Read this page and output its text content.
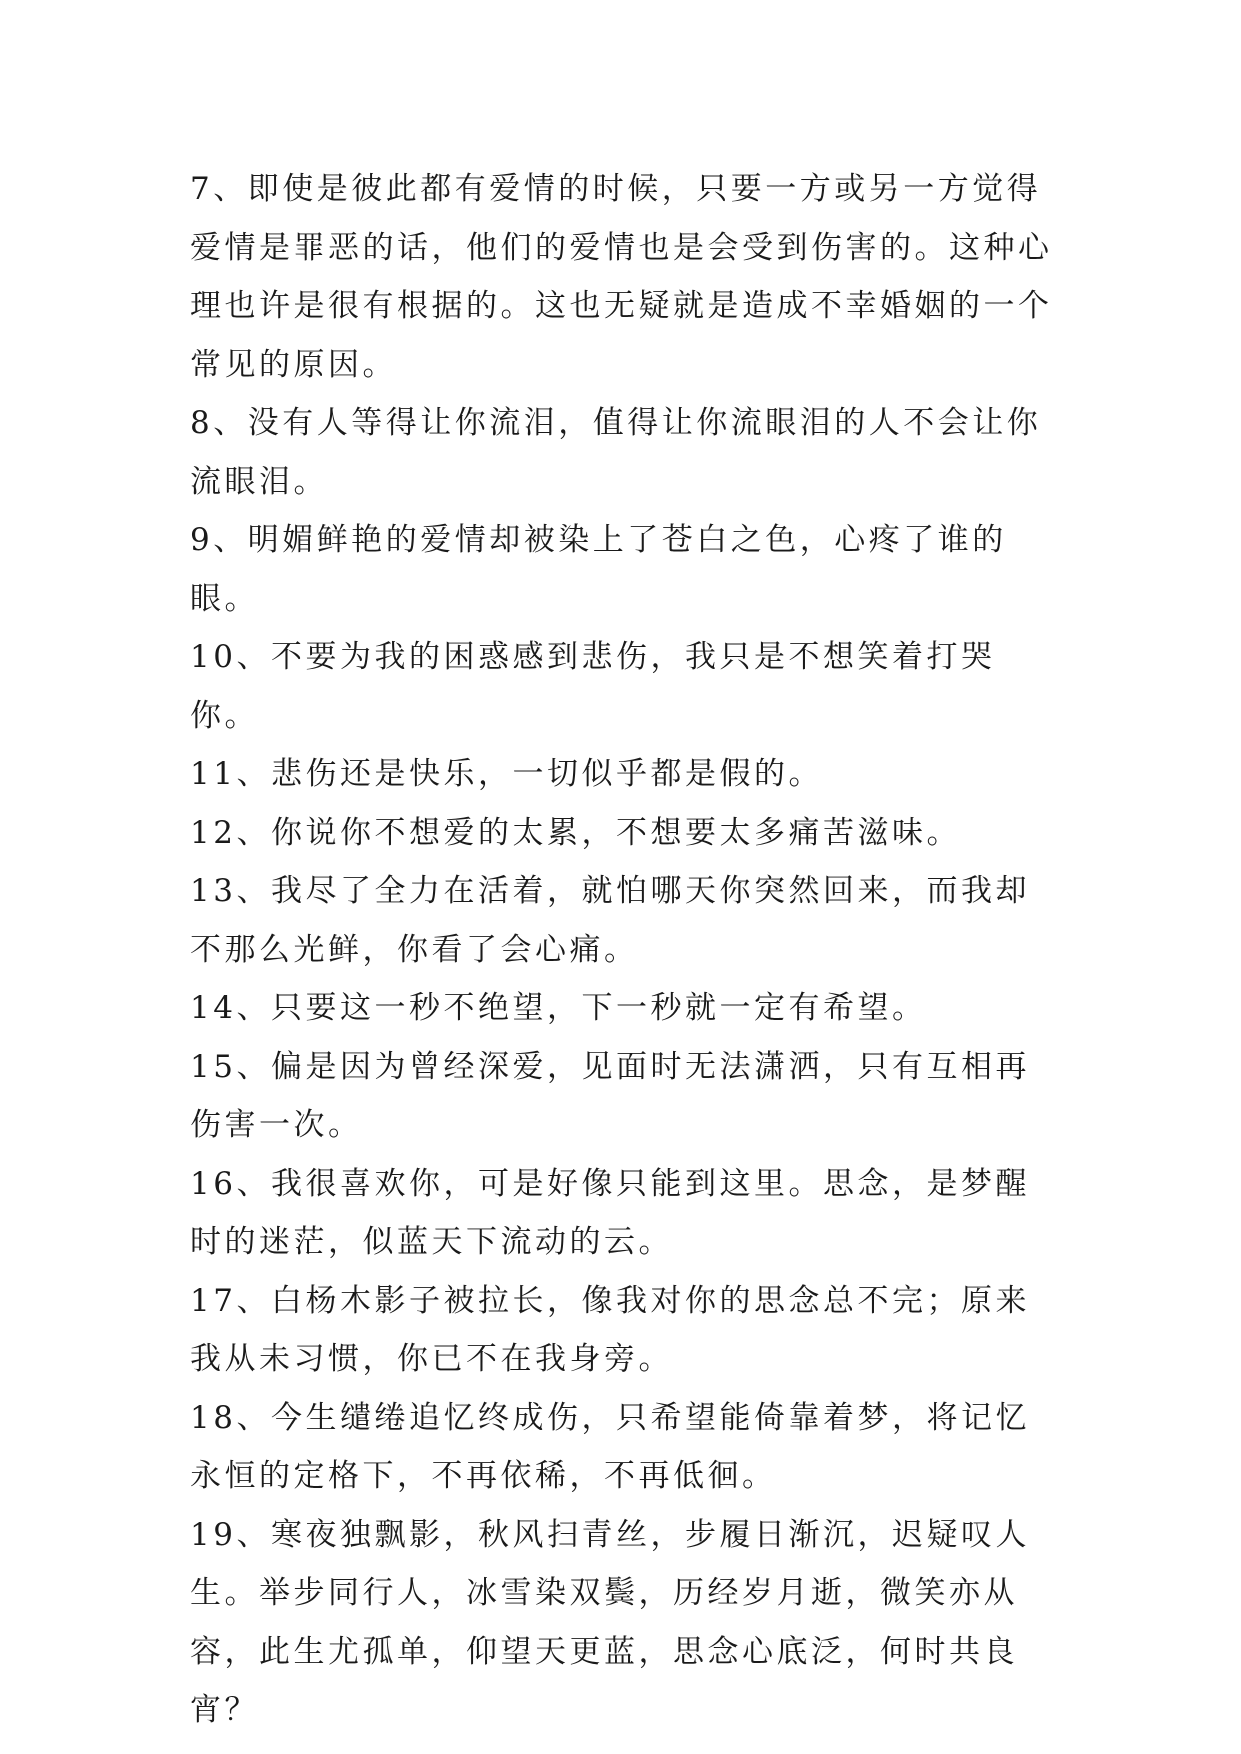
7、即使是彼此都有爱情的时候，只要一方或另一方觉得爱情是罪恶的话，他们的爱情也是会受到伤害的。这种心理也许是很有根据的。这也无疑就是造成不幸婚姻的一个常见的原因。

8、没有人等得让你流泪，值得让你流眼泪的人不会让你流眼泪。

9、明媚鲜艳的爱情却被染上了苍白之色，心疼了谁的眼。

10、不要为我的困惑感到悲伤，我只是不想笑着打哭你。

11、悲伤还是快乐，一切似乎都是假的。

12、你说你不想爱的太累，不想要太多痛苦滋味。

13、我尽了全力在活着，就怕哪天你突然回来，而我却不那么光鲜，你看了会心痛。

14、只要这一秒不绝望，下一秒就一定有希望。

15、偏是因为曾经深爱，见面时无法潇洒，只有互相再伤害一次。

16、我很喜欢你，可是好像只能到这里。思念，是梦醒时的迷茫，似蓝天下流动的云。

17、白杨木影子被拉长，像我对你的思念总不完；原来我从未习惯，你已不在我身旁。

18、今生缱绻追忆终成伤，只希望能倚靠着梦，将记忆永恒的定格下，不再依稀，不再低徊。

19、寒夜独飘影，秋风扫青丝，步履日渐沉，迟疑叹人生。举步同行人，冰雪染双鬓，历经岁月逝，微笑亦从容，此生尤孤单，仰望天更蓝，思念心底泛，何时共良宵？
